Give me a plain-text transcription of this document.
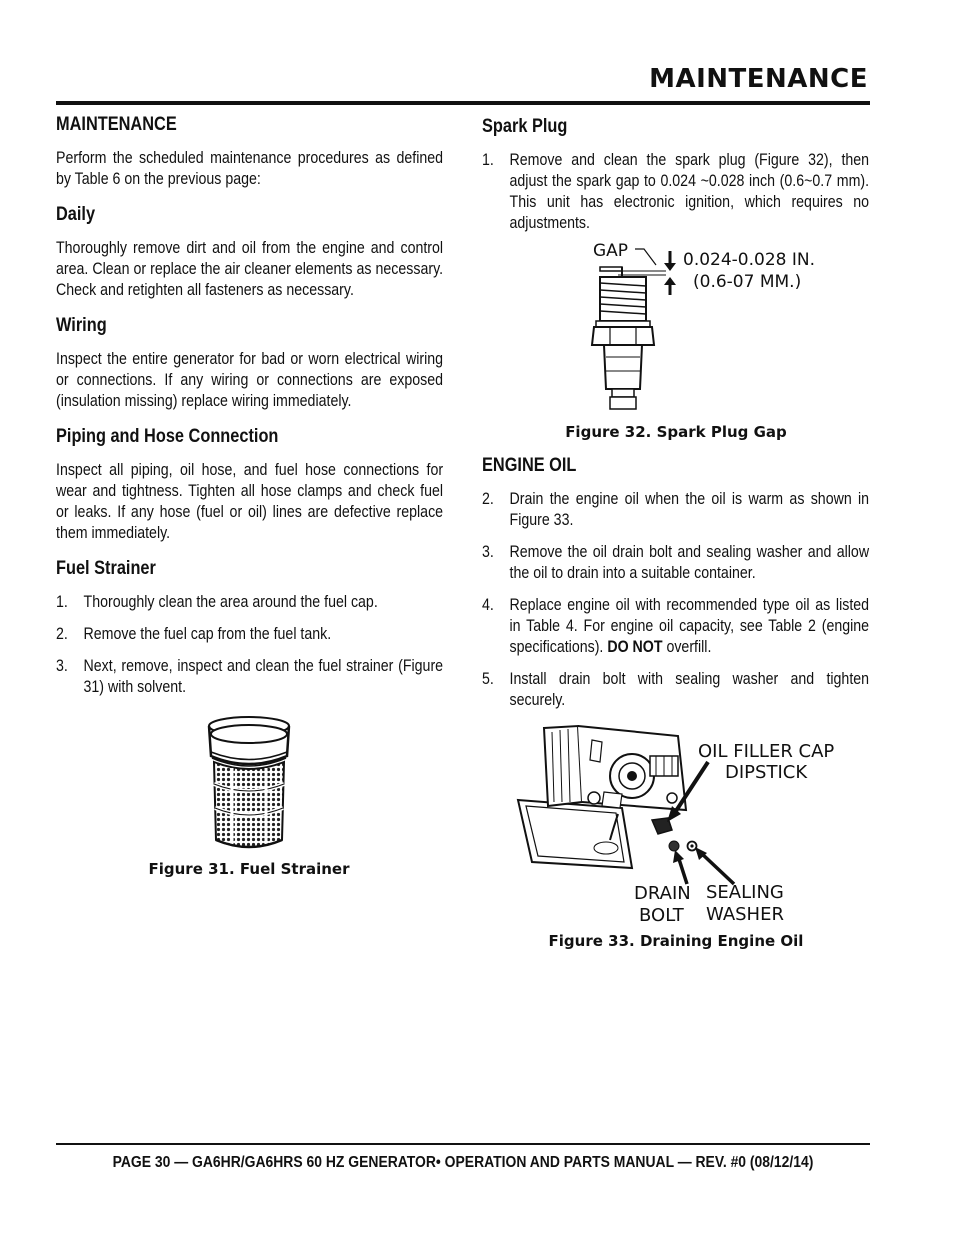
MAINTENANCE
MAINTENANCE

Perform the scheduled maintenance procedures as defined by Table 6 on the previous page:

Daily

Thoroughly remove dirt and oil from the engine and control area. Clean or replace the air cleaner elements as necessary. Check and retighten all fasteners as necessary.

Wiring

Inspect the entire generator for bad or worn electrical wiring or connections. If any wiring or connections are exposed (insulation missing) replace wiring immediately.

Piping and Hose Connection

Inspect all piping, oil hose, and fuel hose connections for wear and tightness. Tighten all hose clamps and check fuel or leaks. If any hose (fuel or oil) lines are defective replace them immediately.

Fuel Strainer
1. Thoroughly clean the area around the fuel cap.
2. Remove the fuel cap from the fuel tank.
3. Next, remove, inspect and clean the fuel strainer (Figure 31) with solvent.
Figure 31. Fuel Strainer
Spark Plug
1. Remove and clean the spark plug (Figure 32), then adjust the spark gap to 0.024 ~0.028 inch (0.6~0.7 mm). This unit has electronic ignition, which requires no adjustments.
GAP	0.024-0.028 IN.
(0.6-07 MM.)
Figure 32. Spark Plug Gap
ENGINE OIL
2. Drain the engine oil when the oil is warm as shown in Figure 33.
3. Remove the oil drain bolt and sealing washer and allow the oil to drain into a suitable container.
4. Replace engine oil with recommended type oil as listed in Table 4. For engine oil capacity, see Table 2 (engine specifications). DO NOT overfill.
5. Install drain bolt with sealing washer and tighten securely.
OIL FILLER CAP
DIPSTICK
DRAIN
BOLT
SEALING
WASHER
Figure 33. Draining Engine Oil
PAGE 30 — GA6HR/GA6HRS 60 HZ GENERATOR• OPERATION AND PARTS MANUAL — REV. #0 (08/12/14)
